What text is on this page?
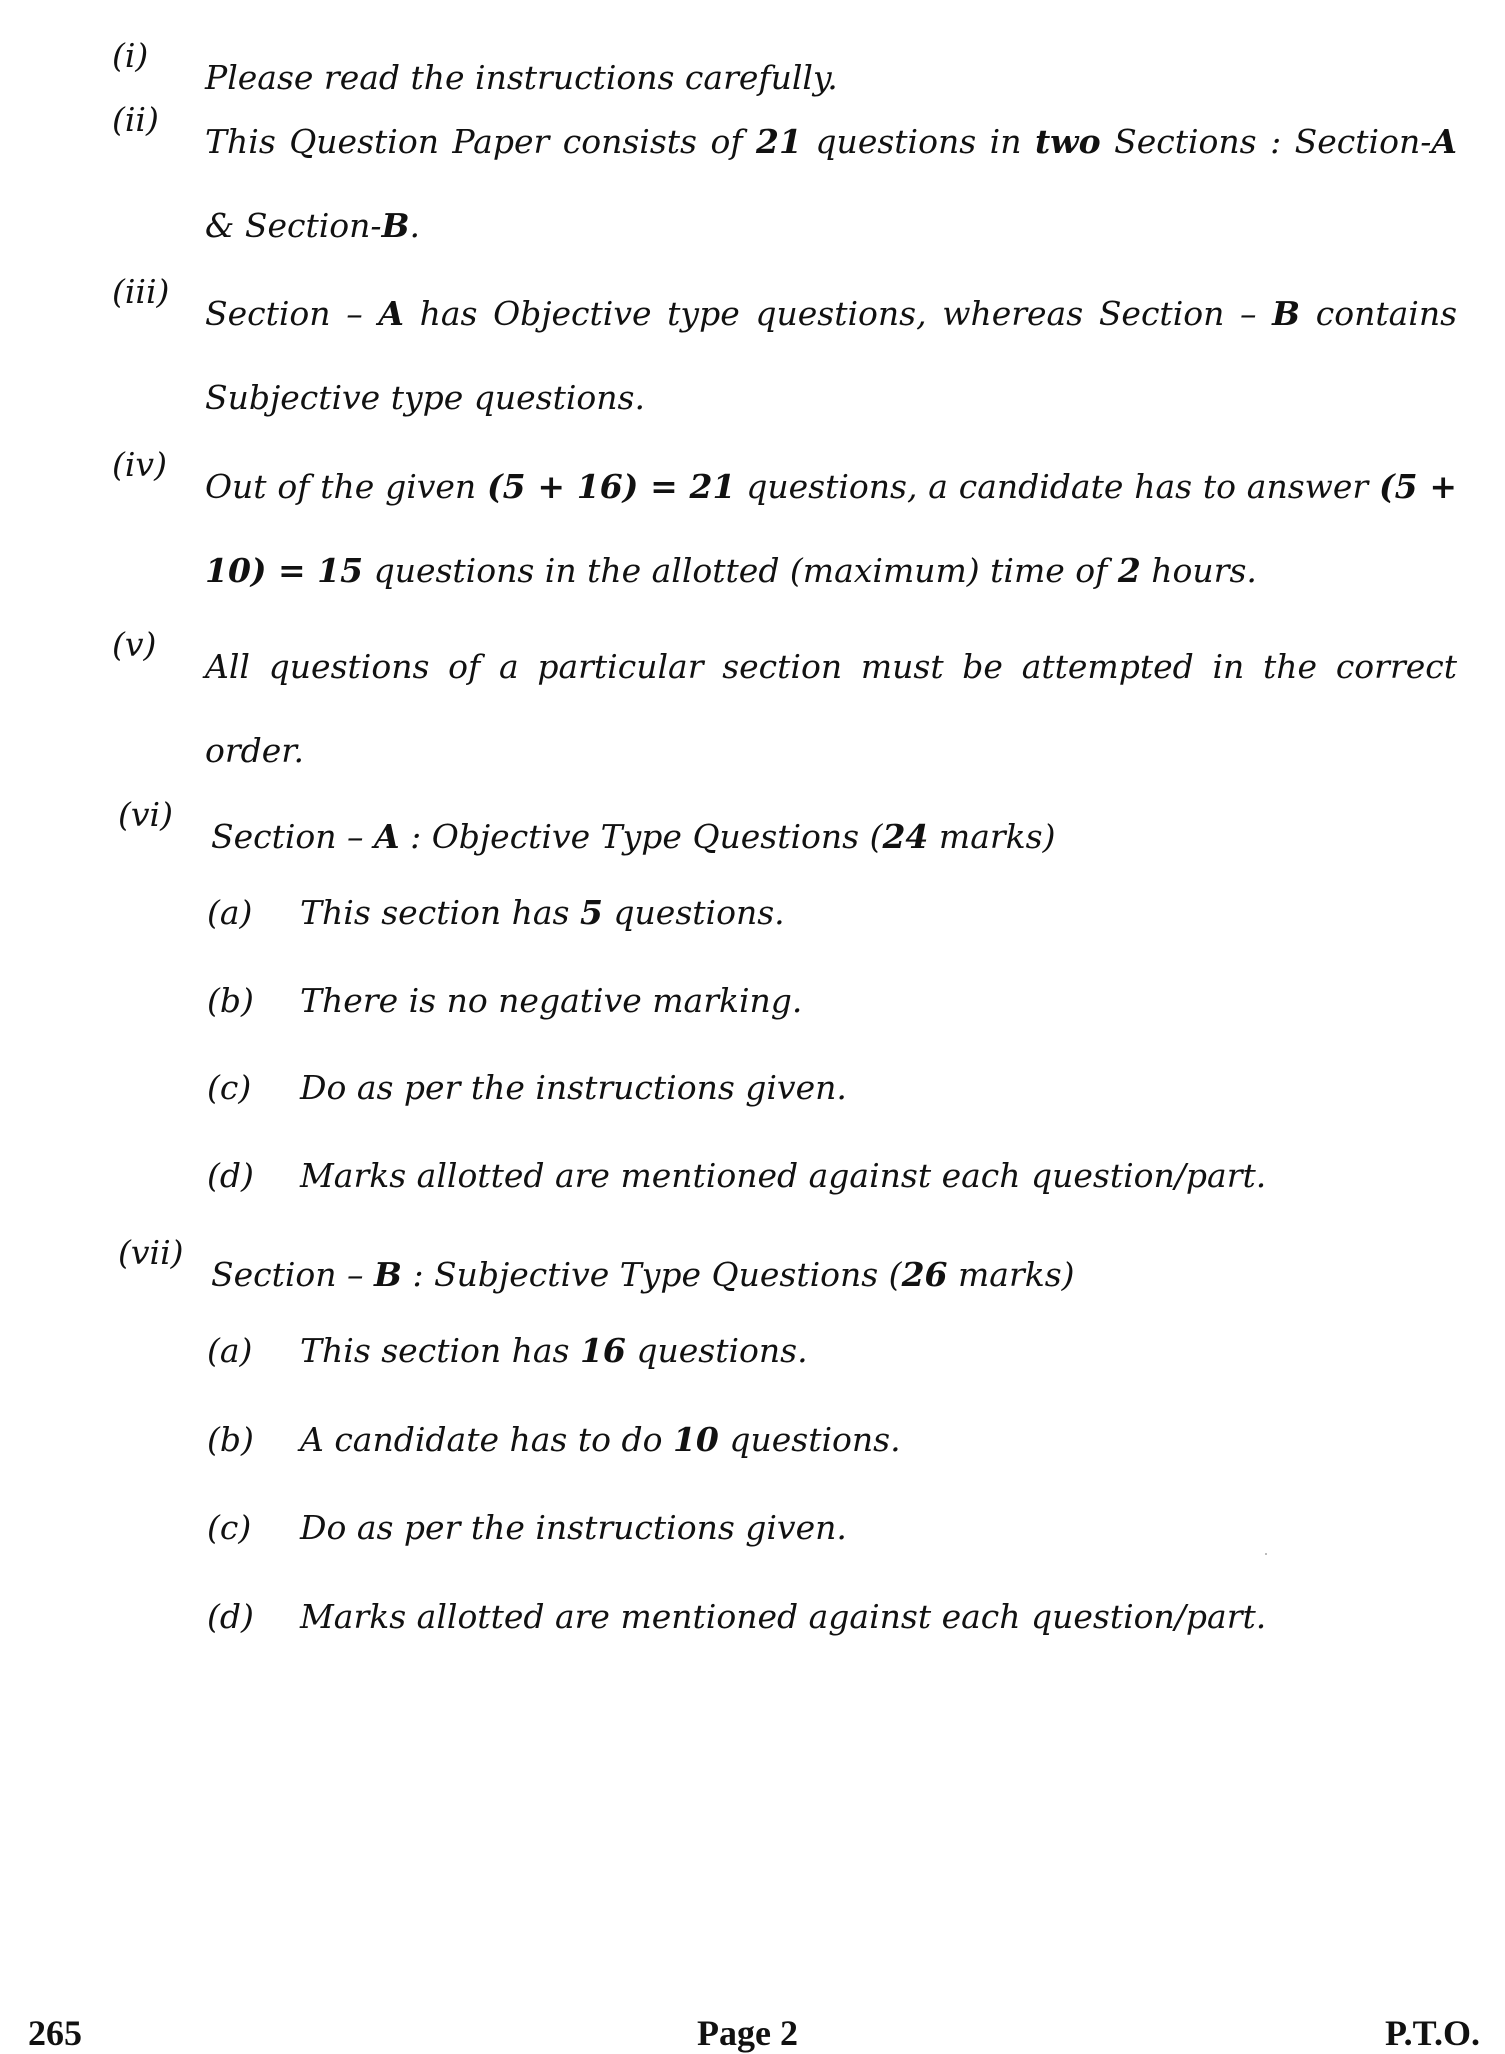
(i)
Please read the instructions carefully.
(ii)
This Question Paper consists of 21 questions in two Sections : Section-A & Section-B.
(iii)
Section – A has Objective type questions, whereas Section – B contains Subjective type questions.
(iv)
Out of the given (5 + 16) = 21 questions, a candidate has to answer (5 + 10) = 15 questions in the allotted (maximum) time of 2 hours.
(v)
All questions of a particular section must be attempted in the correct order.
(vi)
Section – A : Objective Type Questions (24 marks)
(a) This section has 5 questions.
(b) There is no negative marking.
(c) Do as per the instructions given.
(d) Marks allotted are mentioned against each question/part.
(vii)
Section – B : Subjective Type Questions (26 marks)
(a) This section has 16 questions.
(b) A candidate has to do 10 questions.
(c) Do as per the instructions given.
(d) Marks allotted are mentioned against each question/part.
265	Page 2	P.T.O.
